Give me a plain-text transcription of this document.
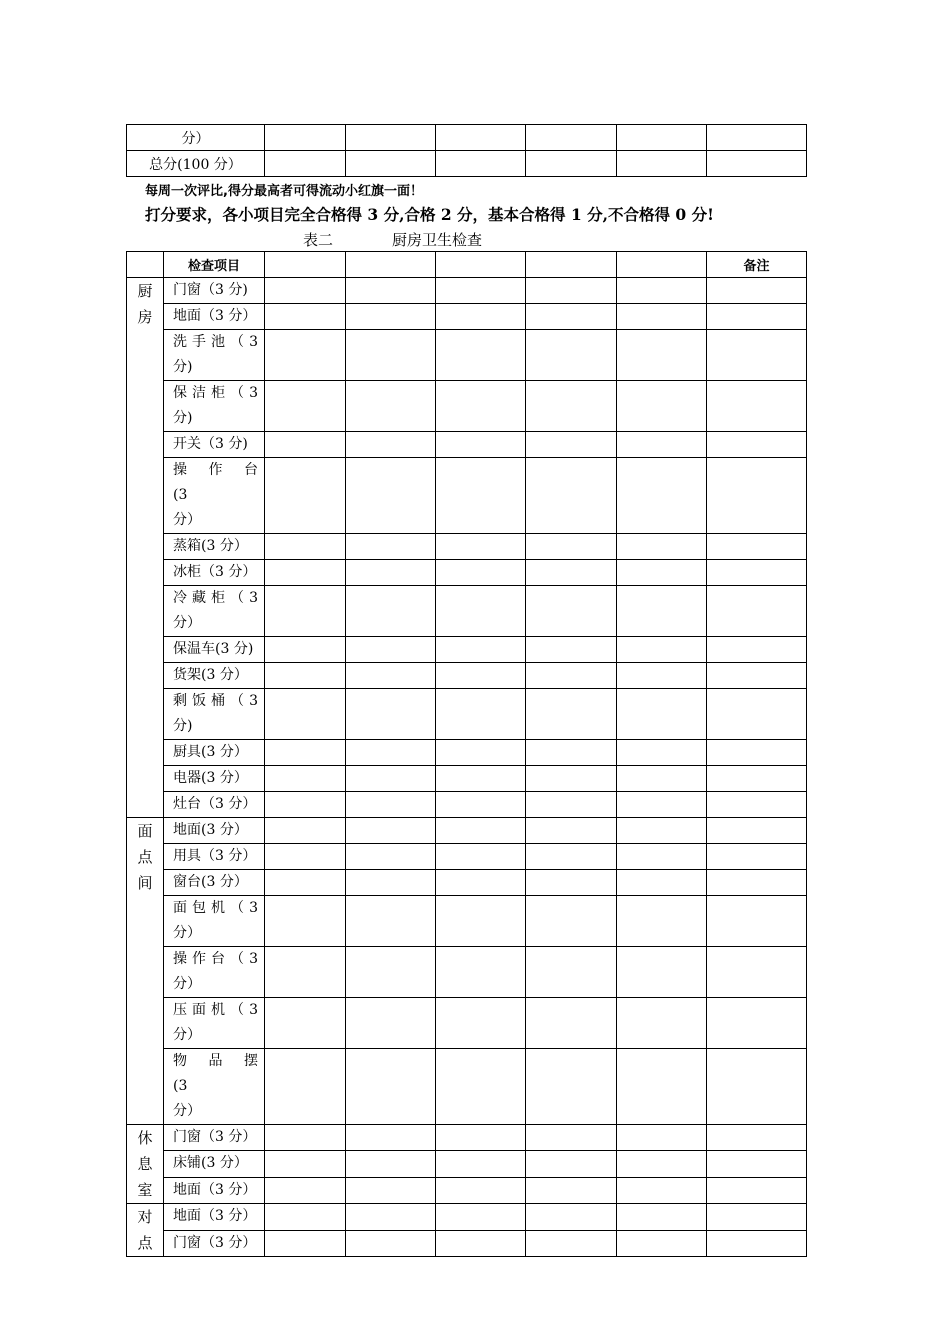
分）						
总分(100 分）						
每周一次评比,得分最高者可得流动小红旗一面！
打分要求，各小项目完全合格得 3 分,合格 2 分，基本合格得 1 分,不合格得 0 分!
表二	厨房卫生检查
	检查项目						备注

厨
房	门窗（3 分)						
	地面（3 分）						

	洗 手 池 （ 3
分)						

	保 洁 柜 （ 3
分)						

	开关（3 分)						

	操　作　台 (3
分）						

	蒸箱(3 分）						
	冰柜（3 分）						

	冷 藏 柜 （ 3
分）						

	保温车(3 分)						
	货架(3 分）						

	剩 饭 桶 （ 3
分)						

	厨具(3 分）						
	电器(3 分）						
	灶台（3 分）						

面
点
间	地面(3 分）						
	用具（3 分）						
	窗台(3 分）						

	面 包 机 （ 3
分）						

	操 作 台 （ 3
分）						

	压 面 机 （ 3
分）						

	物　品　摆 (3
分）						

休
息
室	门窗（3 分）						
	床铺(3 分）						
	地面（3 分）						

对
点	地面（3 分）						
	门窗（3 分）						
